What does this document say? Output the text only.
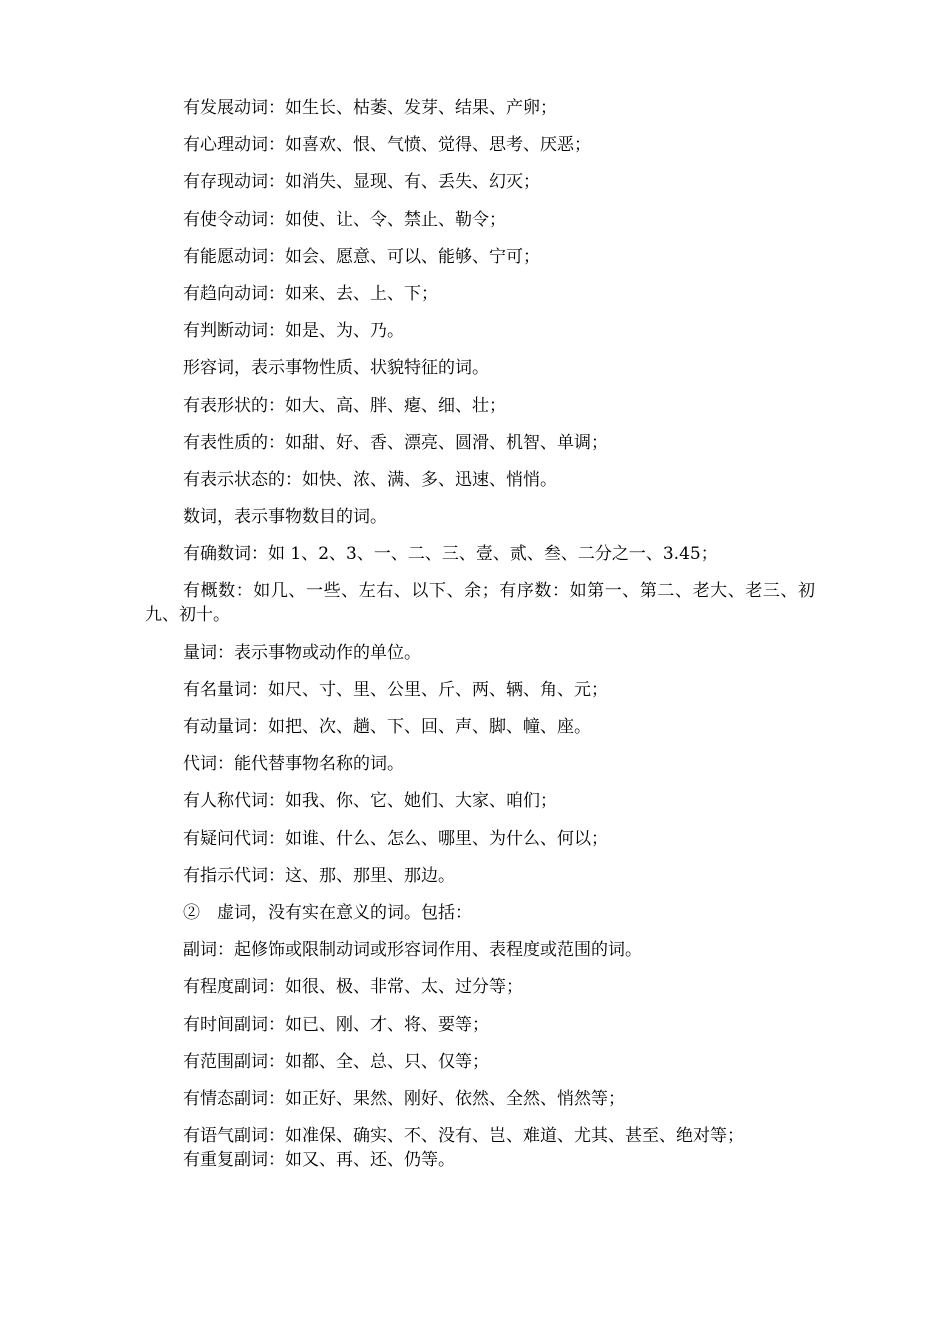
有发展动词：如生长、枯萎、发芽、结果、产卵；

有心理动词：如喜欢、恨、气愤、觉得、思考、厌恶；

有存现动词：如消失、显现、有、丢失、幻灭；

有使令动词：如使、让、令、禁止、勒令；

有能愿动词：如会、愿意、可以、能够、宁可；

有趋向动词：如来、去、上、下；

有判断动词：如是、为、乃。

形容词，表示事物性质、状貌特征的词。

有表形状的：如大、高、胖、瘪、细、壮；

有表性质的：如甜、好、香、漂亮、圆滑、机智、单调；

有表示状态的：如快、浓、满、多、迅速、悄悄。

数词，表示事物数目的词。

有确数词：如 1、2、3、一、二、三、壹、贰、叁、二分之一、3.45；

有概数：如几、一些、左右、以下、余；有序数：如第一、第二、老大、老三、初九、初十。

量词：表示事物或动作的单位。

有名量词：如尺、寸、里、公里、斤、两、辆、角、元；

有动量词：如把、次、趟、下、回、声、脚、幢、座。

代词：能代替事物名称的词。

有人称代词：如我、你、它、她们、大家、咱们；

有疑问代词：如谁、什么、怎么、哪里、为什么、何以；

有指示代词：这、那、那里、那边。

②　虚词，没有实在意义的词。包括：

副词：起修饰或限制动词或形容词作用、表程度或范围的词。

有程度副词：如很、极、非常、太、过分等；

有时间副词：如已、刚、才、将、要等；

有范围副词：如都、全、总、只、仅等；

有情态副词：如正好、果然、刚好、依然、全然、悄然等；

有语气副词：如准保、确实、不、没有、岂、难道、尤其、甚至、绝对等；

有重复副词：如又、再、还、仍等。
